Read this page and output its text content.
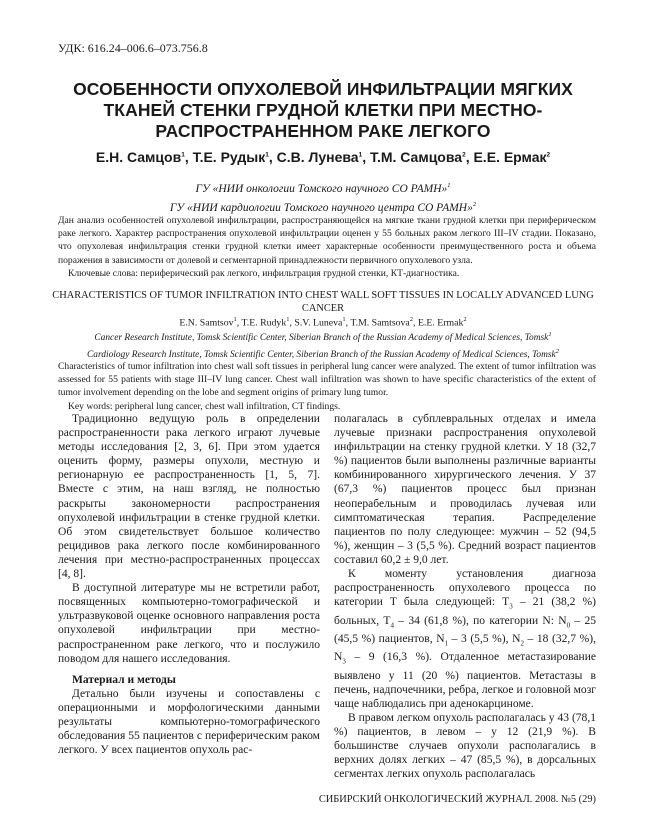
УДК: 616.24–006.6–073.756.8
ОСОБЕННОСТИ ОПУХОЛЕВОЙ ИНФИЛЬТРАЦИИ МЯГКИХ ТКАНЕЙ СТЕНКИ ГРУДНОЙ КЛЕТКИ ПРИ МЕСТНО-РАСПРОСТРАНЕННОМ РАКЕ ЛЕГКОГО
Е.Н. Самцов$^1$, Т.Е. Рудык$^1$, С.В. Лунева$^1$, Т.М. Самцова$^2$, Е.Е. Ермак$^2$
ГУ «НИИ онкологии Томского научного СО РАМН»$^1$
ГУ «НИИ кардиологии Томского научного центра СО РАМН»$^2$
Дан анализ особенностей опухолевой инфильтрации, распространяющейся на мягкие ткани грудной клетки при периферическом раке легкого. Характер распространения опухолевой инфильтрации оценен у 55 больных раком легкого III–IV стадии. Показано, что опухолевая инфильтрация стенки грудной клетки имеет характерные особенности преимущественного роста и объема поражения в зависимости от долевой и сегментарной принадлежности первичного опухолевого узла.
Ключевые слова: периферический рак легкого, инфильтрация грудной стенки, КТ-диагностика.
CHARACTERISTICS OF TUMOR INFILTRATION INTO CHEST WALL SOFT TISSUES IN LOCALLY ADVANCED LUNG CANCER
E.N. Samtsov$^1$, T.E. Rudyk$^1$, S.V. Luneva$^1$, T.M. Samtsova$^2$, E.E. Ermak$^2$
Cancer Research Institute, Tomsk Scientific Center, Siberian Branch of the Russian Academy of Medical Sciences, Tomsk$^1$
Cardiology Research Institute, Tomsk Scientific Center, Siberian Branch of the Russian Academy of Medical Sciences, Tomsk$^2$
Characteristics of tumor infiltration into chest wall soft tissues in peripheral lung cancer were analyzed. The extent of tumor infiltration was assessed for 55 patients with stage III–IV lung cancer. Chest wall infiltration was shown to have specific characteristics of the extent of tumor involvement depending on the lobe and segment origins of primary lung tumor.
Key words: peripheral lung cancer, chest wall infiltration, CT findings.

Традиционно ведущую роль в определении распространенности рака легкого играют лучевые методы исследования [2, 3, 6]. При этом удается оценить форму, размеры опухоли, местную и регионарную ее распространенность [1, 5, 7]. Вместе с этим, на наш взгляд, не полностью раскрыты закономерности распространения опухолевой инфильтрации в стенке грудной клетки. Об этом свидетельствует большое количество рецидивов рака легкого после комбинированного лечения при местно-распространенных процессах [4, 8].

В доступной литературе мы не встретили работ, посвященных компьютерно-томографической и ультразвуковой оценке основного направления роста опухолевой инфильтрации при местно-распространенном раке легкого, что и послужило поводом для нашего исследования.

Материал и методы

Детально были изучены и сопоставлены с операционными и морфологическими данными результаты компьютерно-томографического обследования 55 пациентов с периферическим раком легкого. У всех пациентов опухоль рас-

полагалась в субплевральных отделах и имела лучевые признаки распространения опухолевой инфильтрации на стенку грудной клетки. У 18 (32,7 %) пациентов были выполнены различные варианты комбинированного хирургического лечения. У 37 (67,3 %) пациентов процесс был признан неоперабельным и проводилась лучевая или симптоматическая терапия. Распределение пациентов по полу следующее: мужчин – 52 (94,5 %), женщин – 3 (5,5 %). Средний возраст пациентов составил 60,2 ± 9,0 лет.

К моменту установления диагноза распространенность опухолевого процесса по категории T была следующей: $T_3 - 21$ (38,2 %) больных, $T_4 - 34$ (61,8 %), по категории N: $N_0 - 25$ (45,5 %) пациентов, $N_1 - 3$ (5,5 %), $N_2 - 18$ (32,7 %), $N_3 - 9$ (16,3 %). Отдаленное метастазирование выявлено у 11 (20 %) пациентов. Метастазы в печень, надпочечники, ребра, легкое и головной мозг чаще наблюдались при аденокарциноме.

В правом легком опухоль располагалась у 43 (78,1 %) пациентов, в левом – у 12 (21,9 %). В большинстве случаев опухоли располагались в верхних долях легких – 47 (85,5 %), в дорсальных сегментах легких опухоль располагалась

СИБИРСКИЙ ОНКОЛОГИЧЕСКИЙ ЖУРНАЛ. 2008. №5 (29)
